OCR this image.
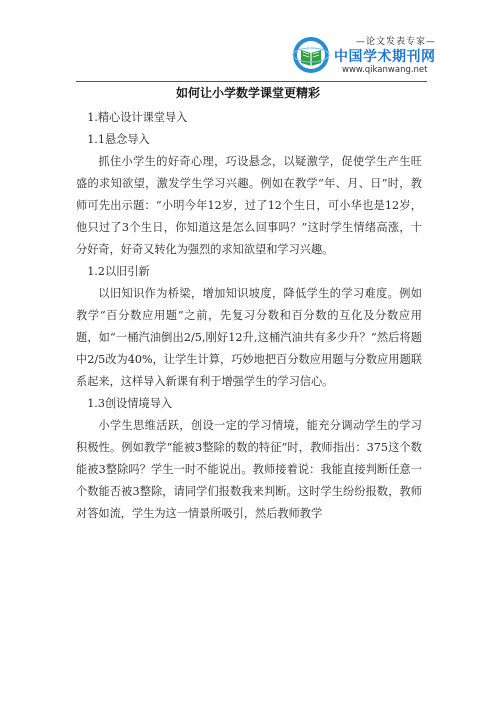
—论文发表专家—
中国学术期刊网
www.qikanwang.net
如何让小学数学课堂更精彩

1.精心设计课堂导入

1.1悬念导入

抓住小学生的好奇心理，巧设悬念，以疑激学，促使学生产生旺盛的求知欲望，激发学生学习兴趣。例如在教学“年、月、日”时，教师可先出示题：“小明今年12岁，过了12个生日，可小华也是12岁，他只过了3个生日，你知道这是怎么回事吗？”这时学生情绪高涨，十分好奇，好奇又转化为强烈的求知欲望和学习兴趣。

1.2以旧引新

以旧知识作为桥梁，增加知识坡度，降低学生的学习难度。例如教学“百分数应用题”之前，先复习分数和百分数的互化及分数应用题，如“一桶汽油倒出2/5,刚好12升,这桶汽油共有多少升？”然后将题中2/5改为40%，让学生计算，巧妙地把百分数应用题与分数应用题联系起来，这样导入新课有利于增强学生的学习信心。

1.3创设情境导入

小学生思维活跃，创设一定的学习情境，能充分调动学生的学习积极性。例如教学“能被3整除的数的特征”时，教师指出：375这个数能被3整除吗？学生一时不能说出。教师接着说：我能直接判断任意一个数能否被3整除，请同学们报数我来判断。这时学生纷纷报数，教师对答如流，学生为这一情景所吸引，然后教师教学
